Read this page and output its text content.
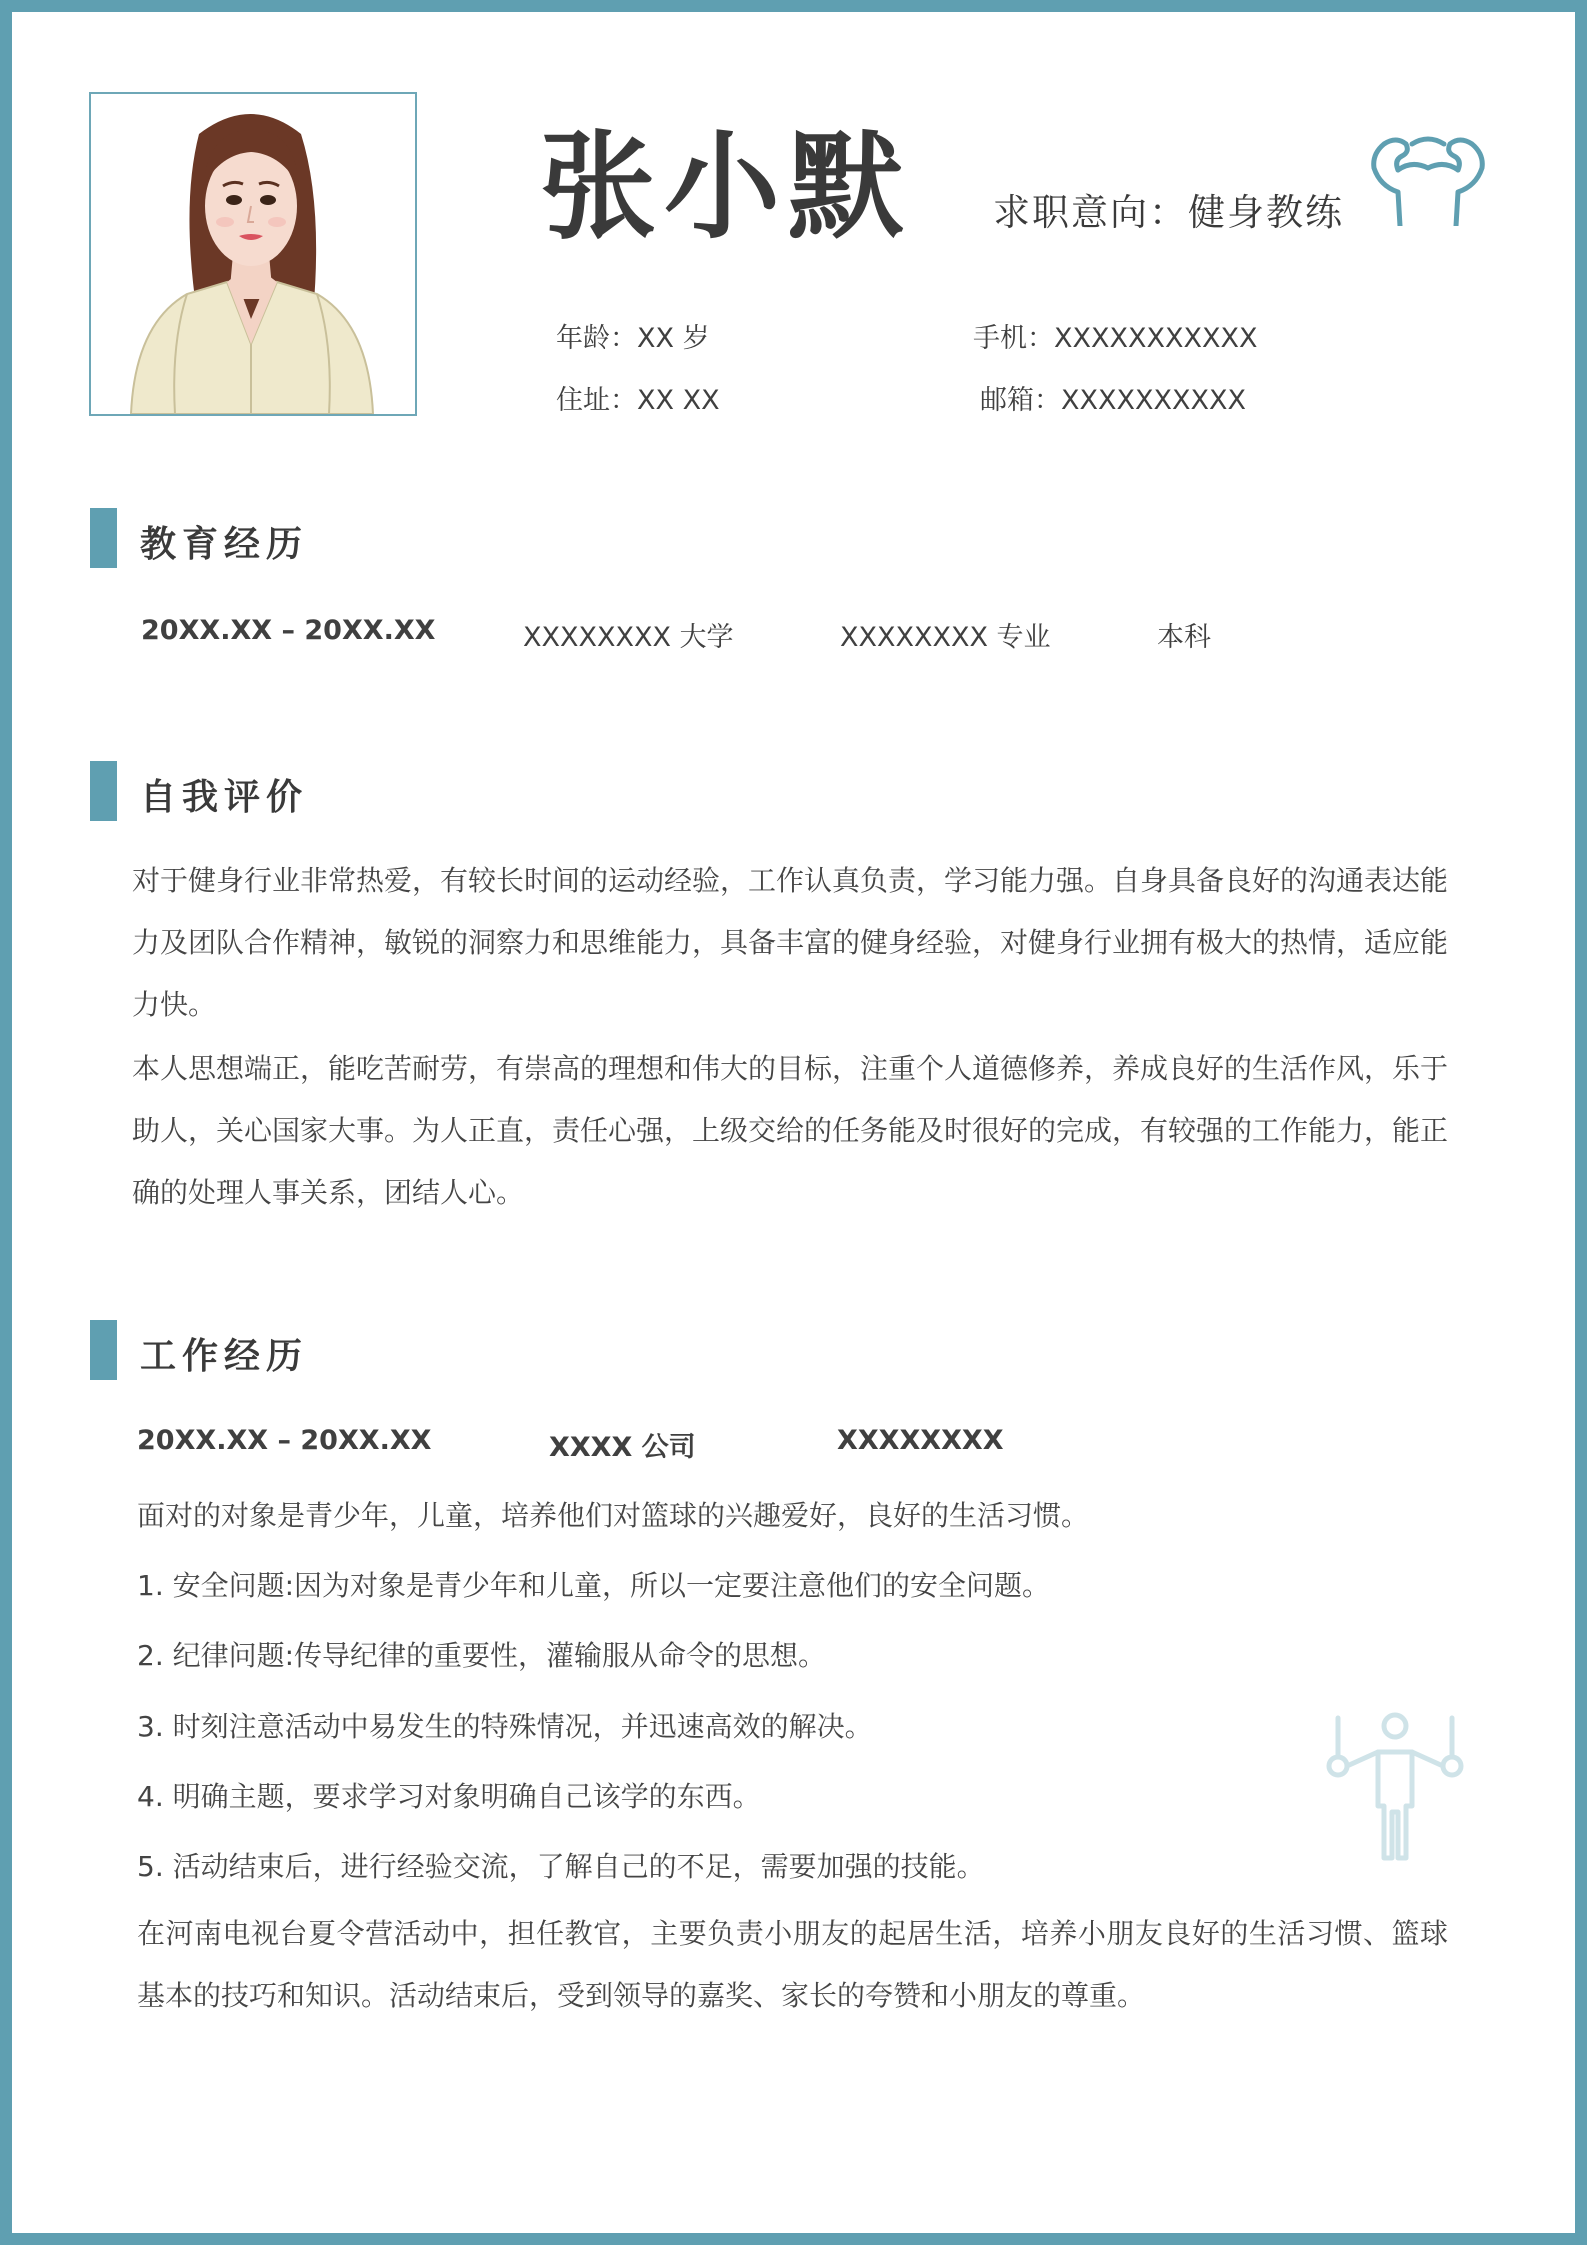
张小默 求职意向：健身教练
年龄：XX 岁	手机：XXXXXXXXXXX
住址：XX XX	邮箱：XXXXXXXXXX
教育经历
20XX.XX – 20XX.XX	XXXXXXXX 大学	XXXXXXXX 专业	本科
自我评价
对于健身行业非常热爱，有较长时间的运动经验，工作认真负责，学习能力强。自身具备良好的沟通表达能力及团队合作精神，敏锐的洞察力和思维能力，具备丰富的健身经验，对健身行业拥有极大的热情，适应能力快。
本人思想端正，能吃苦耐劳，有崇高的理想和伟大的目标，注重个人道德修养，养成良好的生活作风，乐于助人，关心国家大事。为人正直，责任心强，上级交给的任务能及时很好的完成，有较强的工作能力，能正确的处理人事关系，团结人心。
工作经历
20XX.XX – 20XX.XX	XXXX 公司	XXXXXXXX
面对的对象是青少年，儿童，培养他们对篮球的兴趣爱好，良好的生活习惯。
1. 安全问题:因为对象是青少年和儿童，所以一定要注意他们的安全问题。
2. 纪律问题:传导纪律的重要性，灌输服从命令的思想。
3. 时刻注意活动中易发生的特殊情况，并迅速高效的解决。
4. 明确主题，要求学习对象明确自己该学的东西。
5. 活动结束后，进行经验交流，了解自己的不足，需要加强的技能。
在河南电视台夏令营活动中，担任教官，主要负责小朋友的起居生活，培养小朋友良好的生活习惯、篮球基本的技巧和知识。活动结束后，受到领导的嘉奖、家长的夸赞和小朋友的尊重。
